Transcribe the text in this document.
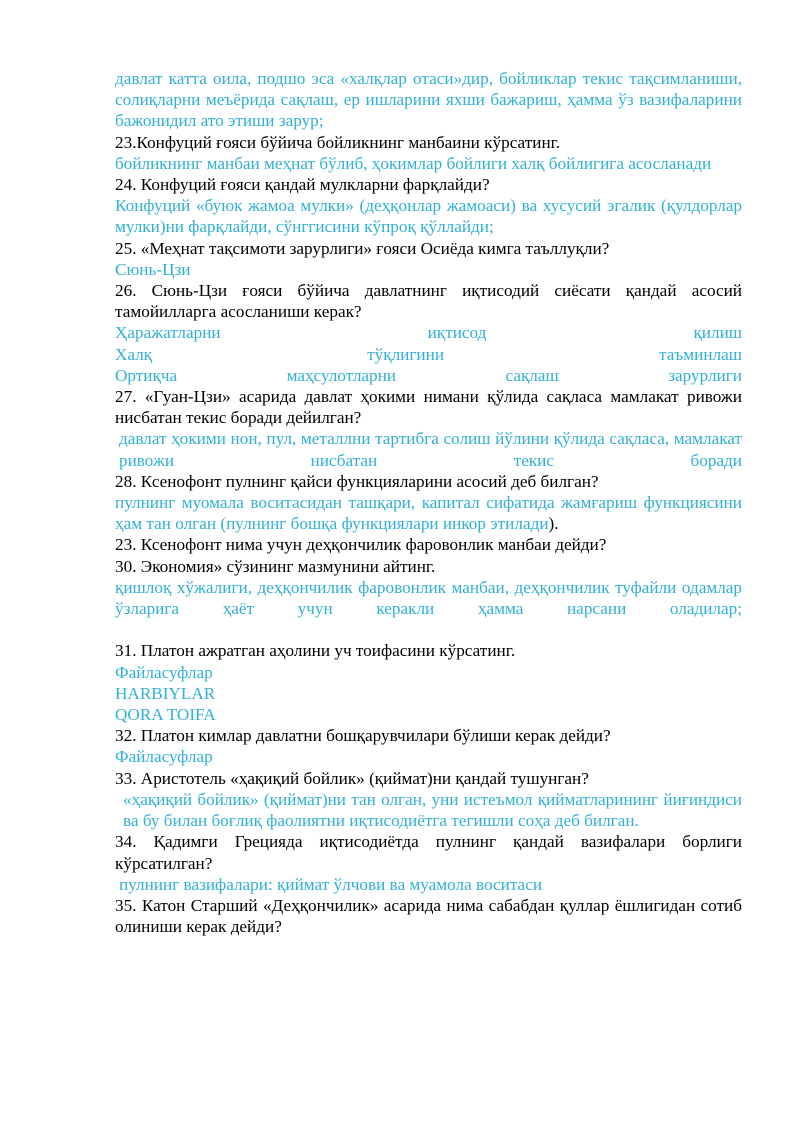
давлат катта оила, подшо эса «халқлар отаси»дир, бойликлар текис тақсимланиши, солиқларни меъёрида сақлаш, ер ишларини яхши бажариш, ҳамма ўз вазифаларини бажонидил ато этиши зарур;

23.Конфуций ғояси бўйича бойликнинг манбаини кўрсатинг.

бойликнинг манбаи меҳнат бўлиб, ҳокимлар бойлиги халқ бойлигига асосланади

24. Конфуций ғояси қандай мулкларни фарқлайди?

Конфуций «буюк жамоа мулки» (деҳқонлар жамоаси) ва хусусий эгалик (қулдорлар мулки)ни фарқлайди, сўнггисини кўпроқ қўллайди;

25. «Меҳнат тақсимоти зарурлиги» ғояси Осиёда кимга таъллуқли?

Сюнь-Цзи

26. Сюнь-Цзи ғояси бўйича давлатнинг иқтисодий сиёсати қандай асосий тамойилларга асосланиши керак?

Ҳаражатларни иқтисод қилиш

Халқ тўқлигини таъминлаш

Ортиқча маҳсулотларни сақлаш зарурлиги

27. «Гуан-Цзи» асарида давлат ҳокими нимани қўлида сақласа мамлакат ривожи нисбатан текис боради дейилган?

давлат ҳокими нон, пул, металлни тартибга солиш йўлини қўлида сақласа, мамлакат ривожи нисбатан текис боради

28. Ксенофонт пулнинг қайси функцияларини асосий деб билган?

пулнинг муомала воситасидан ташқари, капитал сифатида жамғариш функциясини ҳам тан олган (пулнинг бошқа функциялари инкор этилади).

23. Ксенофонт нима учун деҳқончилик фаровонлик манбаи дейди?

30. Экономия» сўзининг мазмунини айтинг.

қишлоқ хўжалиги, деҳқончилик фаровонлик манбаи, деҳқончилик туфайли одамлар ўзларига ҳаёт учун керакли ҳамма нарсани оладилар;

31. Платон ажратган аҳолини уч тоифасини кўрсатинг.

Файласуфлар

HARBIYLAR

QORA TOIFA

32. Платон кимлар давлатни бошқарувчилари бўлиши керак дейди?

Файласуфлар

33. Аристотель «ҳақиқий бойлик» (қиймат)ни қандай тушунган?

«ҳақиқий бойлик» (қиймат)ни тан олган, уни истеъмол қийматларининг йиғиндиси ва бу билан боғлиқ фаолиятни иқтисодиётга тегишли соҳа деб билган.

34. Қадимги Грецияда иқтисодиётда пулнинг қандай вазифалари борлиги кўрсатилган?

пулнинг вазифалари: қиймат ўлчови ва муамола воситаси

35. Катон Старший «Деҳқончилик» асарида нима сабабдан қуллар ёшлигидан сотиб олиниши керак дейди?
